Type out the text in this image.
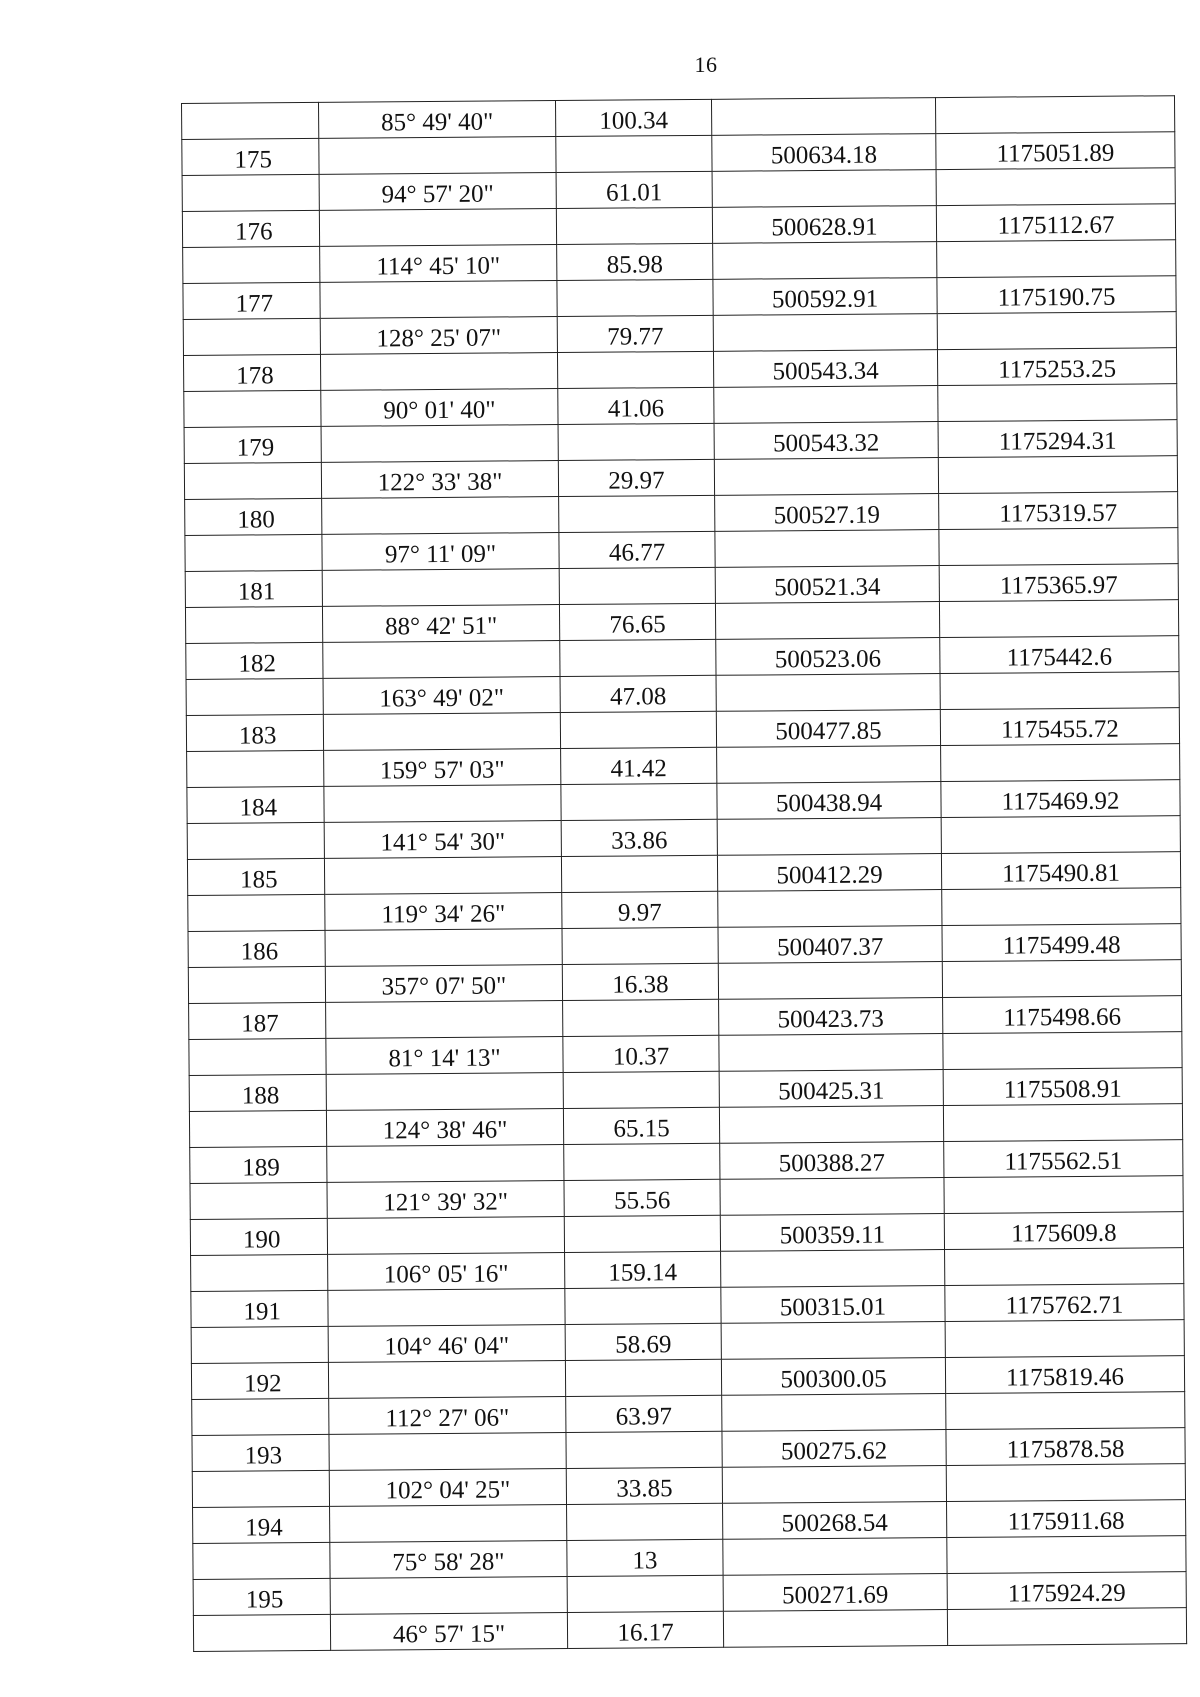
16
	85° 49' 40"	100.34		
175			500634.18	1175051.89
	94° 57' 20"	61.01		
176			500628.91	1175112.67
	114° 45' 10"	85.98		
177			500592.91	1175190.75
	128° 25' 07"	79.77		
178			500543.34	1175253.25
	90° 01' 40"	41.06		
179			500543.32	1175294.31
	122° 33' 38"	29.97		
180			500527.19	1175319.57
	97° 11' 09"	46.77		
181			500521.34	1175365.97
	88° 42' 51"	76.65		
182			500523.06	1175442.6
	163° 49' 02"	47.08		
183			500477.85	1175455.72
	159° 57' 03"	41.42		
184			500438.94	1175469.92
	141° 54' 30"	33.86		
185			500412.29	1175490.81
	119° 34' 26"	9.97		
186			500407.37	1175499.48
	357° 07' 50"	16.38		
187			500423.73	1175498.66
	81° 14' 13"	10.37		
188			500425.31	1175508.91
	124° 38' 46"	65.15		
189			500388.27	1175562.51
	121° 39' 32"	55.56		
190			500359.11	1175609.8
	106° 05' 16"	159.14		
191			500315.01	1175762.71
	104° 46' 04"	58.69		
192			500300.05	1175819.46
	112° 27' 06"	63.97		
193			500275.62	1175878.58
	102° 04' 25"	33.85		
194			500268.54	1175911.68
	75° 58' 28"	13		
195			500271.69	1175924.29
	46° 57' 15"	16.17		
